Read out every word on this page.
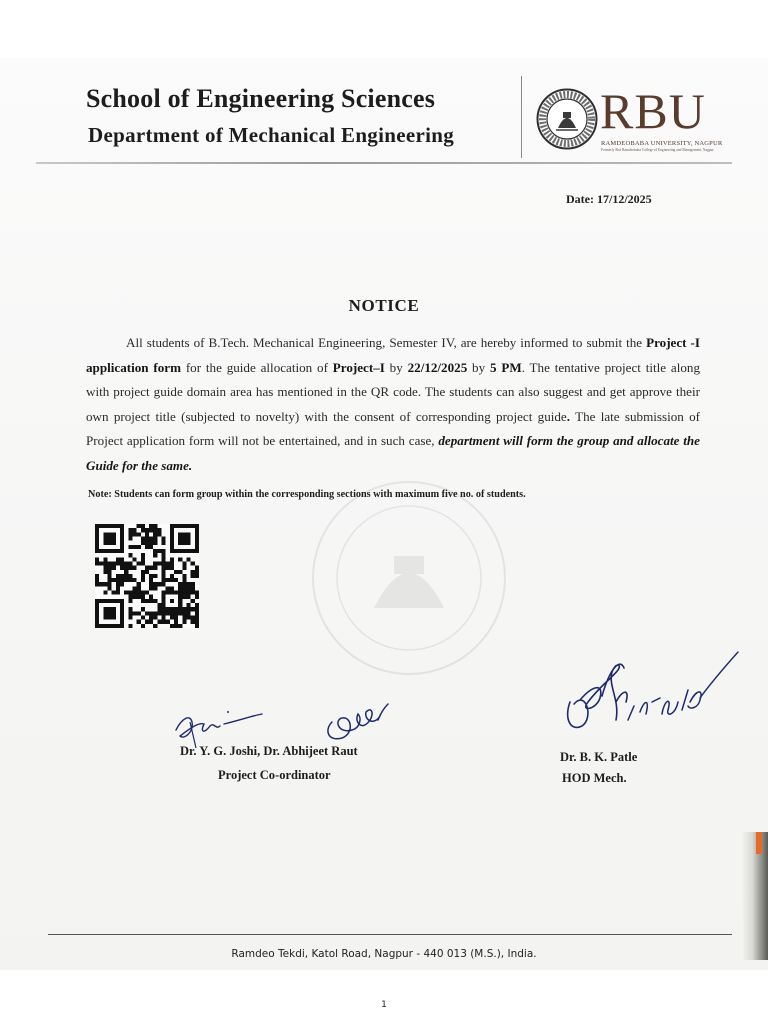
School of Engineering Sciences
Department of Mechanical Engineering	RBU
RAMDEOBABA UNIVERSITY, NAGPUR
Formerly Shri Ramdeobaba College of Engineering and Management, Nagpur
Date: 17/12/2025
NOTICE
All students of B.Tech. Mechanical Engineering, Semester IV, are hereby informed to submit the Project -I application form for the guide allocation of Project–I by 22/12/2025 by 5 PM. The tentative project title along with project guide domain area has mentioned in the QR code. The students can also suggest and get approve their own project title (subjected to novelty) with the consent of corresponding project guide. The late submission of Project application form will not be entertained, and in such case, department will form the group and allocate the Guide for the same.
Note: Students can form group within the corresponding sections with maximum five no. of students.
Dr. Y. G. Joshi, Dr. Abhijeet Raut
Project Co-ordinator
Dr. B. K. Patle
HOD Mech.
Ramdeo Tekdi, Katol Road, Nagpur - 440 013 (M.S.), India.
1
